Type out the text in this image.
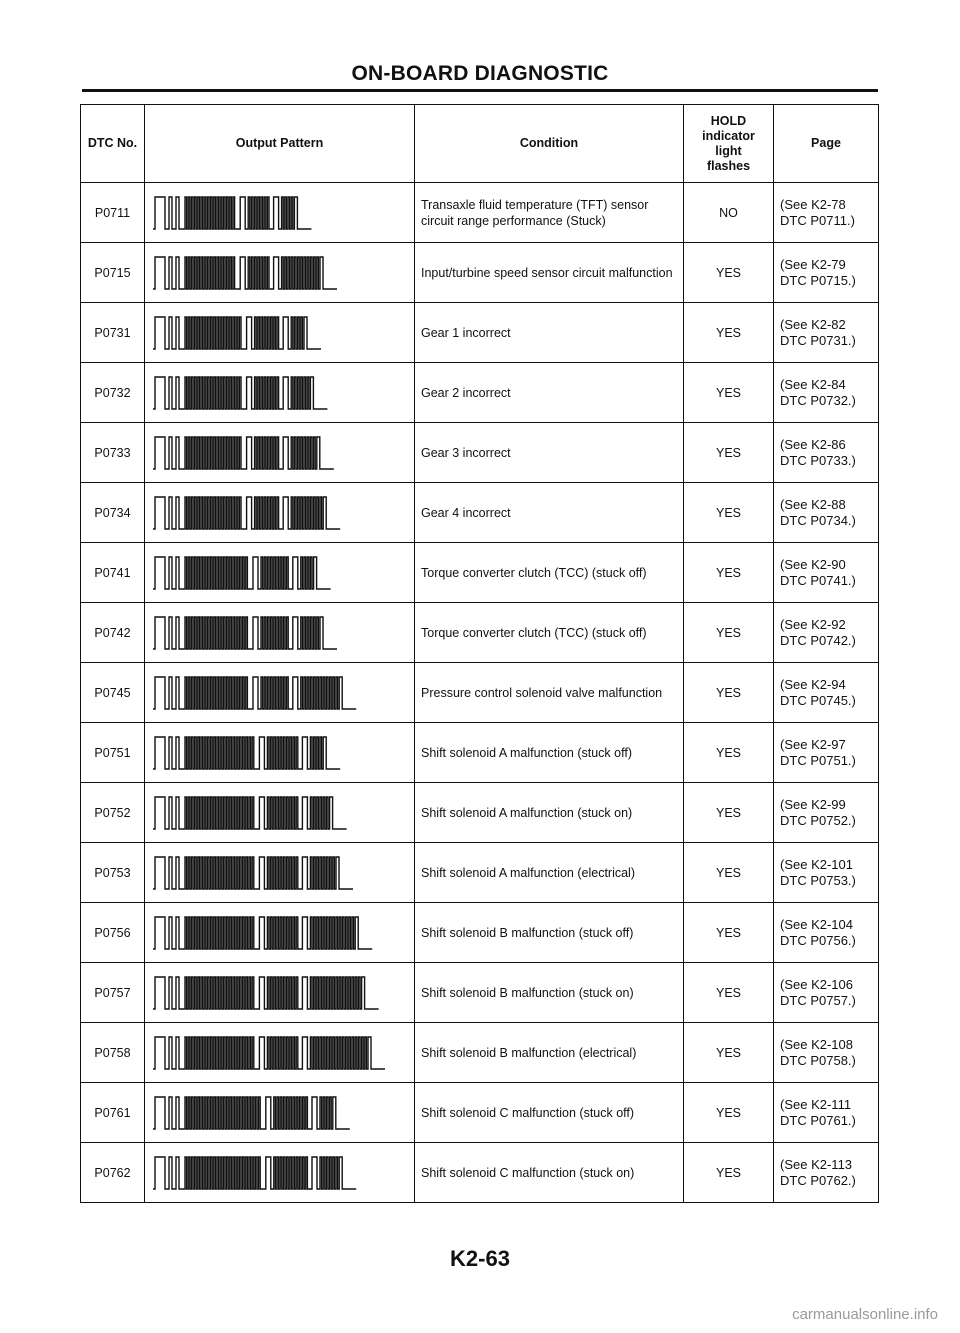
ON-BOARD DIAGNOSTIC
DTC No.	Output Pattern	Condition	HOLD
indicator
light
flashes	Page
P0711		Transaxle fluid temperature (TFT) sensor circuit range performance (Stuck)	NO	(See K2-78
DTC P0711.)

P0715		Input/turbine speed sensor circuit malfunction	YES	(See K2-79
DTC P0715.)

P0731		Gear 1 incorrect	YES	(See K2-82
DTC P0731.)

P0732		Gear 2 incorrect	YES	(See K2-84
DTC P0732.)

P0733		Gear 3 incorrect	YES	(See K2-86
DTC P0733.)

P0734		Gear 4 incorrect	YES	(See K2-88
DTC P0734.)

P0741		Torque converter clutch (TCC) (stuck off)	YES	(See K2-90
DTC P0741.)

P0742		Torque converter clutch (TCC) (stuck off)	YES	(See K2-92
DTC P0742.)

P0745		Pressure control solenoid valve malfunction	YES	(See K2-94
DTC P0745.)

P0751		Shift solenoid A malfunction (stuck off)	YES	(See K2-97
DTC P0751.)

P0752		Shift solenoid A malfunction (stuck on)	YES	(See K2-99
DTC P0752.)

P0753		Shift solenoid A malfunction (electrical)	YES	(See K2-101
DTC P0753.)

P0756		Shift solenoid B malfunction (stuck off)	YES	(See K2-104
DTC P0756.)

P0757		Shift solenoid B malfunction (stuck on)	YES	(See K2-106
DTC P0757.)

P0758		Shift solenoid B malfunction (electrical)	YES	(See K2-108
DTC P0758.)

P0761		Shift solenoid C malfunction (stuck off)	YES	(See K2-111
DTC P0761.)

P0762		Shift solenoid C malfunction (stuck on)	YES	(See K2-113
DTC P0762.)
K2-63
carmanualsonline.info
